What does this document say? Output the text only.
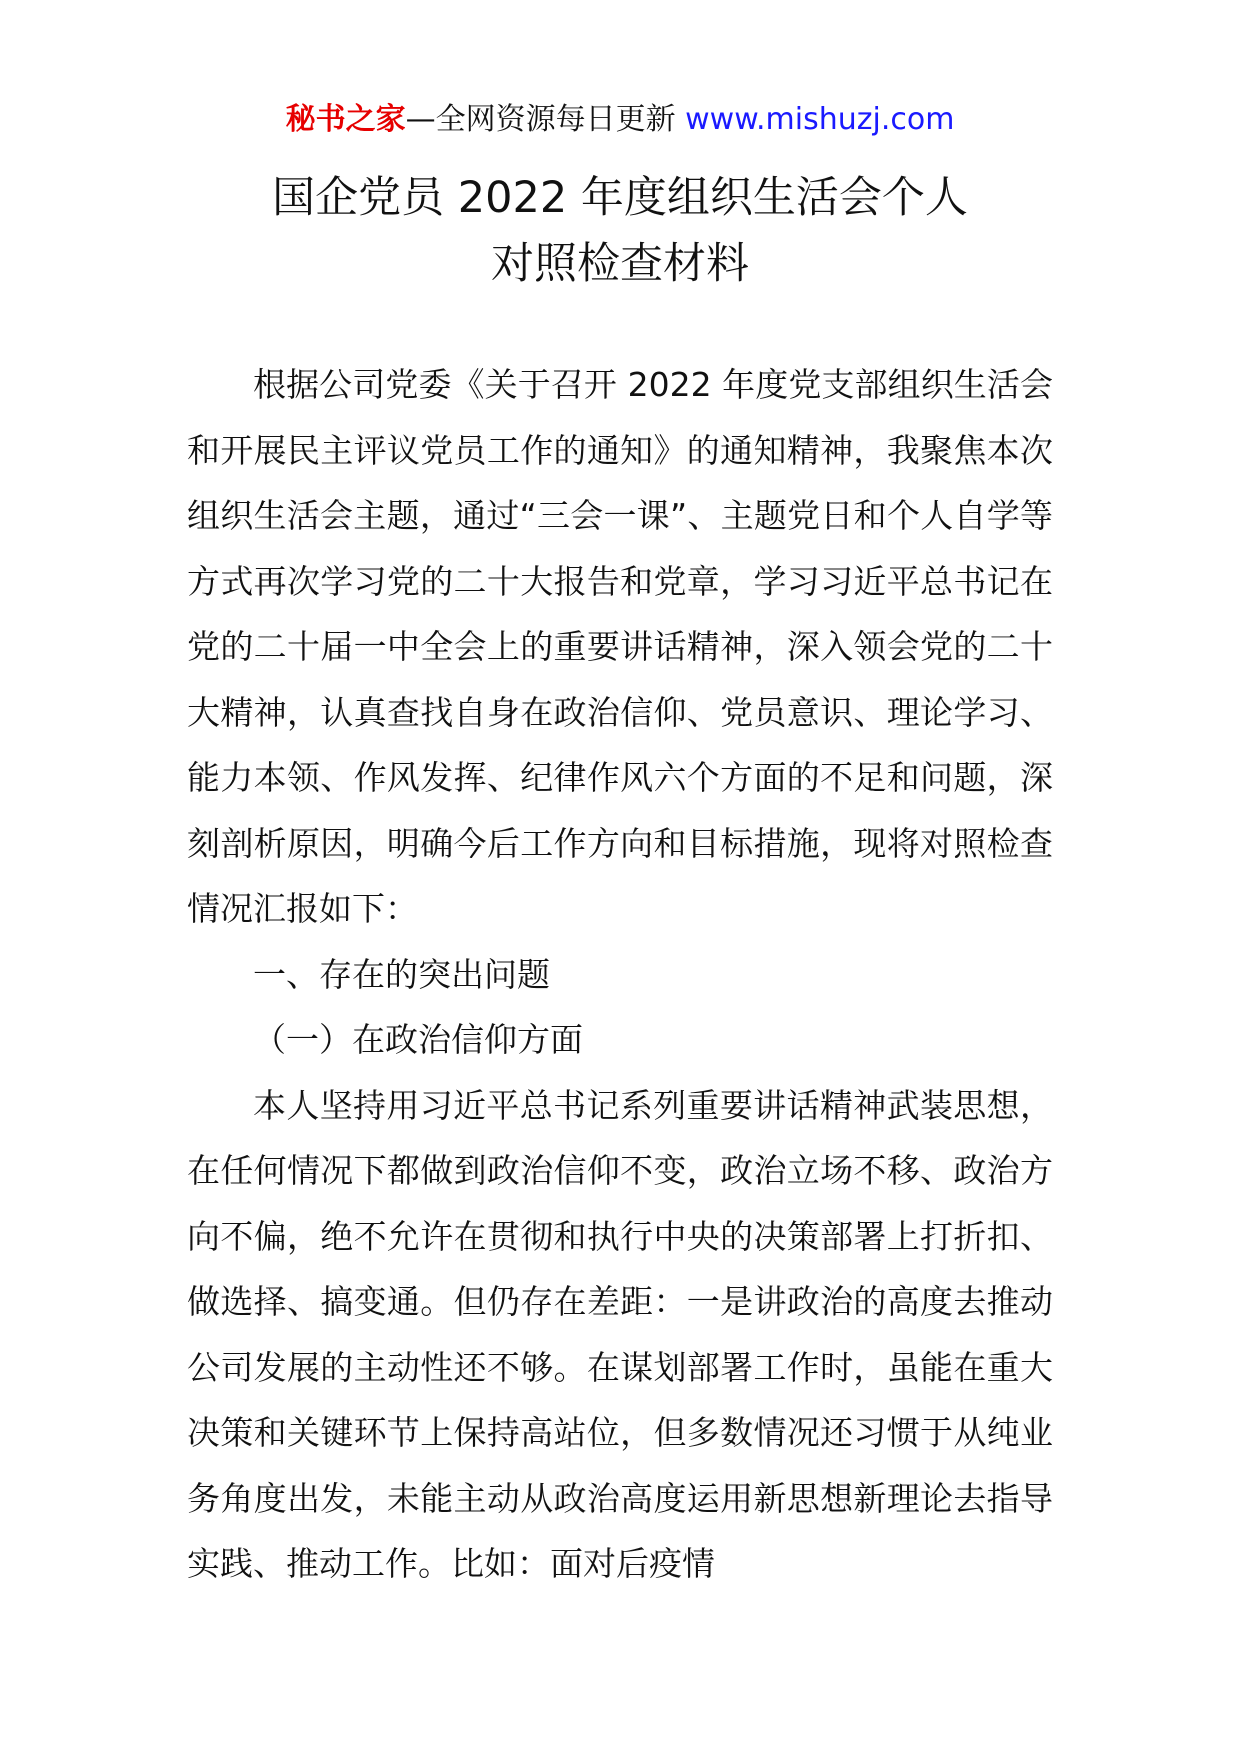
秘书之家—全网资源每日更新 www.mishuzj.com
国企党员 2022 年度组织生活会个人
对照检查材料

根据公司党委《关于召开 2022 年度党支部组织生活会和开展民主评议党员工作的通知》的通知精神，我聚焦本次组织生活会主题，通过“三会一课”、主题党日和个人自学等方式再次学习党的二十大报告和党章，学习习近平总书记在党的二十届一中全会上的重要讲话精神，深入领会党的二十大精神，认真查找自身在政治信仰、党员意识、理论学习、能力本领、作风发挥、纪律作风六个方面的不足和问题，深刻剖析原因，明确今后工作方向和目标措施，现将对照检查情况汇报如下：

一、存在的突出问题

（一）在政治信仰方面

本人坚持用习近平总书记系列重要讲话精神武装思想，在任何情况下都做到政治信仰不变，政治立场不移、政治方向不偏，绝不允许在贯彻和执行中央的决策部署上打折扣、做选择、搞变通。但仍存在差距：一是讲政治的高度去推动公司发展的主动性还不够。在谋划部署工作时，虽能在重大决策和关键环节上保持高站位，但多数情况还习惯于从纯业务角度出发，未能主动从政治高度运用新思想新理论去指导实践、推动工作。比如：面对后疫情
